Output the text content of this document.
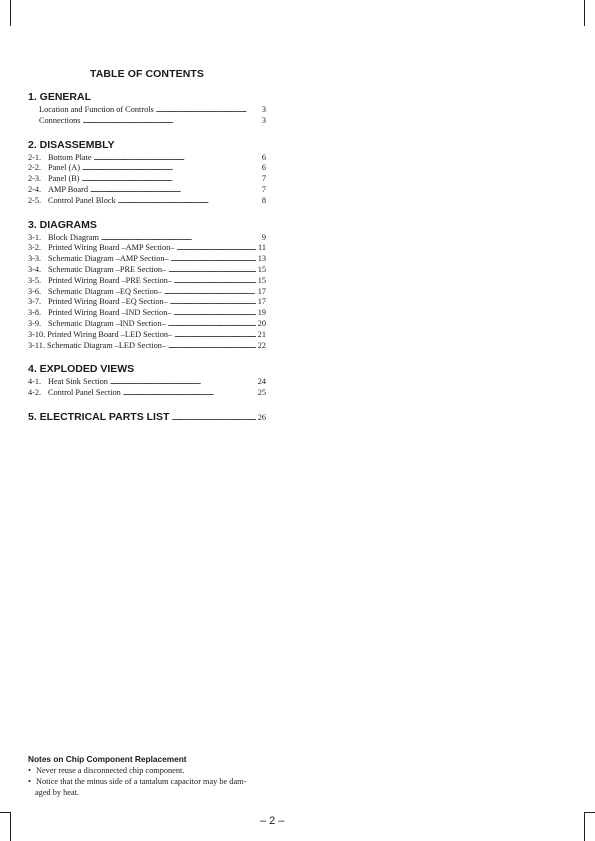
TABLE OF CONTENTS
1. GENERAL
Location and Function of Controls . . .	3
Connections . . .	3
2. DISASSEMBLY
2-1. Bottom Plate . . .	6
2-2. Panel (A) . . .	6
2-3. Panel (B) . . .	7
2-4. AMP Board . . .	7
2-5. Control Panel Block . . .	8
3. DIAGRAMS
3-1. Block Diagram . . .	9
3-2. Printed Wiring Board –AMP Section– . . .	11
3-3. Schematic Diagram –AMP Section– . . .	13
3-4. Schematic Diagram –PRE Section– . . .	15
3-5. Printed Wiring Board –PRE Section– . . .	15
3-6. Schematic Diagram –EQ Section– . . .	17
3-7. Printed Wiring Board –EQ Section– . . .	17
3-8. Printed Wiring Board –IND Section– . . .	19
3-9. Schematic Diagram –IND Section– . . .	20
3-10. Printed Wiring Board –LED Section– . . .	21
3-11. Schematic Diagram –LED Section– . . .	22
4. EXPLODED VIEWS
4-1. Heat Sink Section . . .	24
4-2. Control Panel Section . . .	25
5. ELECTRICAL PARTS LIST . . .	26
Notes on Chip Component Replacement
• Never reuse a disconnected chip component.
• Notice that the minus side of a tantalum capacitor may be dam-
aged by heat.
– 2 –
